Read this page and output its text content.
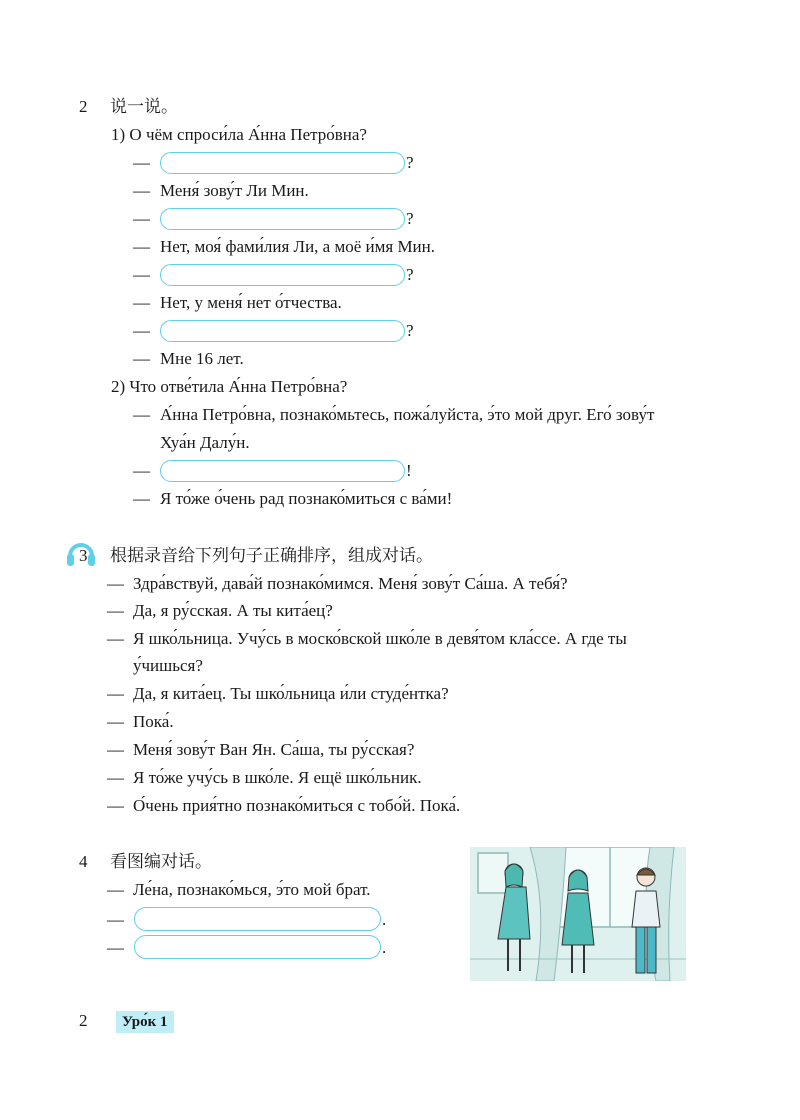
2 说一说。
1) О чём спроси́ла А́нна Петро́вна?
—	?
— Меня́ зову́т Ли Мин.
—	?
— Нет, моя́ фами́лия Ли, а моё и́мя Мин.
—	?
— Нет, у меня́ нет о́тчества.
—	?
— Мне 16 лет.
2) Что отве́тила А́нна Петро́вна?
— А́нна Петро́вна, познако́мьтесь, пожа́луйста, э́то мой друг. Его́ зову́т
Хуа́н Далу́н.
—	!
— Я то́же о́чень рад познако́миться с ва́ми!
3 根据录音给下列句子正确排序，组成对话。
— Здра́вствуй, дава́й познако́мимся. Меня́ зову́т Са́ша. А тебя́?
— Да, я ру́сская. А ты кита́ец?
— Я шко́льница. Учу́сь в моско́вской шко́ле в девя́том кла́ссе. А где ты
у́чишься?
— Да, я кита́ец. Ты шко́льница и́ли студе́нтка?
— Пока́.
— Меня́ зову́т Ван Ян. Са́ша, ты ру́сская?
— Я то́же учу́сь в шко́ле. Я ещё шко́льник.
— О́чень прия́тно познако́миться с тобо́й. Пока́.
4 看图编对话。
— Ле́на, познако́мься, э́то мой брат.
—	.
—	.
2	Уро́к 1
